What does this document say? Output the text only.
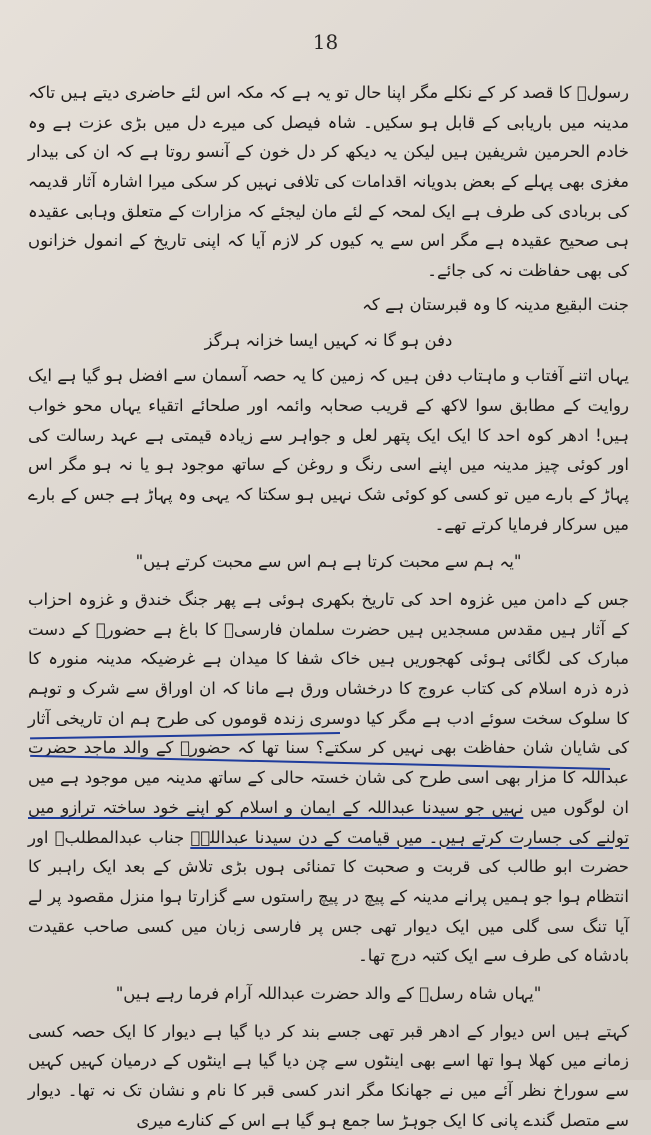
18

رسولؐ کا قصد کر کے نکلے مگر اپنا حال تو یہ ہے کہ مکہ اس لئے حاضری دیتے ہیں تاکہ مدینہ میں باریابی کے قابل ہو سکیں۔ شاہ فیصل کی میرے دل میں بڑی عزت ہے وہ خادم الحرمین شریفین ہیں لیکن یہ دیکھ کر دل خون کے آنسو روتا ہے کہ ان کی بیدار مغزی بھی پہلے کے بعض بدویانہ اقدامات کی تلافی نہیں کر سکی میرا اشارہ آثار قدیمہ کی بربادی کی طرف ہے ایک لمحہ کے لئے مان لیجئے کہ مزارات کے متعلق وہابی عقیدہ ہی صحیح عقیدہ ہے مگر اس سے یہ کیوں کر لازم آیا کہ اپنی تاریخ کے انمول خزانوں کی بھی حفاظت نہ کی جائے۔

جنت البقیع مدینہ کا وہ قبرستان ہے کہ

دفن ہو گا نہ کہیں ایسا خزانہ ہرگز

یہاں اتنے آفتاب و ماہتاب دفن ہیں کہ زمین کا یہ حصہ آسمان سے افضل ہو گیا ہے ایک روایت کے مطابق سوا لاکھ کے قریب صحابہ وائمہ اور صلحائے اتقیاء یہاں محو خواب ہیں! ادھر کوہ احد کا ایک ایک پتھر لعل و جواہر سے زیادہ قیمتی ہے عہد رسالت کی اور کوئی چیز مدینہ میں اپنے اسی رنگ و روغن کے ساتھ موجود ہو یا نہ ہو مگر اس پہاڑ کے بارے میں تو کسی کو کوئی شک نہیں ہو سکتا کہ یہی وہ پہاڑ ہے جس کے بارے میں سرکار فرمایا کرتے تھے۔

"یہ ہم سے محبت کرتا ہے ہم اس سے محبت کرتے ہیں"

جس کے دامن میں غزوہ احد کی تاریخ بکھری ہوئی ہے پھر جنگ خندق و غزوہ احزاب کے آثار ہیں مقدس مسجدیں ہیں حضرت سلمان فارسیؓ کا باغ ہے حضورؐ کے دست مبارک کی لگائی ہوئی کھجوریں ہیں خاک شفا کا میدان ہے غرضیکہ مدینہ منورہ کا ذرہ ذرہ اسلام کی کتاب عروج کا درخشاں ورق ہے مانا کہ ان اوراق سے شرک و توہم کا سلوک سخت سوئے ادب ہے مگر کیا دوسری زندہ قوموں کی طرح ہم ان تاریخی آثار کی شایان شان حفاظت بھی نہیں کر سکتے؟ سنا تھا کہ حضورؐ کے والد ماجد حضرت عبداللہ کا مزار بھی اسی طرح کی شان خستہ حالی کے ساتھ مدینہ میں موجود ہے میں ان لوگوں میں نہیں جو سیدنا عبداللہ کے ایمان و اسلام کو اپنے خود ساختہ ترازو میں تولنے کی جسارت کرتے ہیں۔ میں قیامت کے دن سیدنا عبداللہؓ جناب عبدالمطلبؓ اور حضرت ابو طالب کی قربت و صحبت کا تمنائی ہوں بڑی تلاش کے بعد ایک راہبر کا انتظام ہوا جو ہمیں پرانے مدینہ کے پیچ در پیچ راستوں سے گزارتا ہوا منزل مقصود پر لے آیا تنگ سی گلی میں ایک دیوار تھی جس پر فارسی زبان میں کسی صاحب عقیدت بادشاہ کی طرف سے ایک کتبہ درج تھا۔

"یہاں شاہ رسلؐ کے والد حضرت عبداللہ آرام فرما رہے ہیں"

کہتے ہیں اس دیوار کے ادھر قبر تھی جسے بند کر دیا گیا ہے دیوار کا ایک حصہ کسی زمانے میں کھلا ہوا تھا اسے بھی اینٹوں سے چن دیا گیا ہے اینٹوں کے درمیان کہیں کہیں سے سوراخ نظر آئے میں نے جھانکا مگر اندر کسی قبر کا نام و نشان تک نہ تھا۔ دیوار سے متصل گندے پانی کا ایک جوہڑ سا جمع ہو گیا ہے اس کے کنارے میری
